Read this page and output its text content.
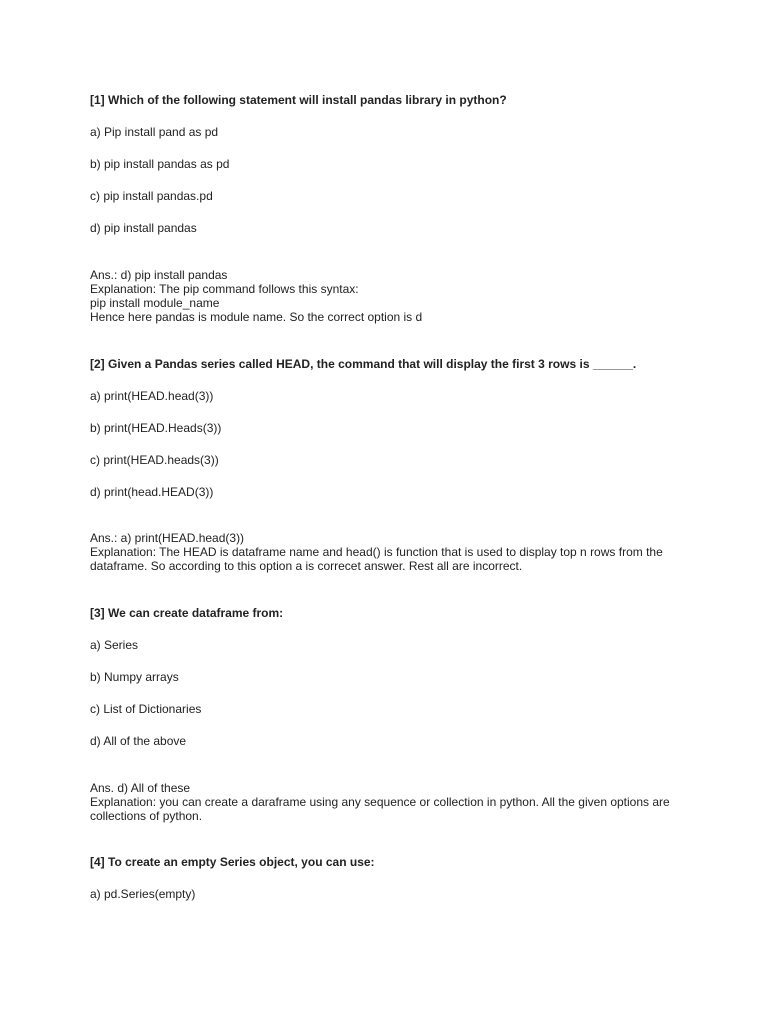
[1] Which of the following statement will install pandas library in python?
a) Pip install pand as pd
b) pip install pandas as pd
c) pip install pandas.pd
d) pip install pandas
Ans.: d) pip install pandas
Explanation: The pip command follows this syntax:
pip install module_name
Hence here pandas is module name. So the correct option is d
[2] Given a Pandas series called HEAD, the command that will display the first 3 rows is ______.
a) print(HEAD.head(3))
b) print(HEAD.Heads(3))
c) print(HEAD.heads(3))
d) print(head.HEAD(3))
Ans.: a) print(HEAD.head(3))
Explanation: The HEAD is dataframe name and head() is function that is used to display top n rows from the dataframe. So according to this option a is correcet answer. Rest all are incorrect.
[3] We can create dataframe from:
a) Series
b) Numpy arrays
c) List of Dictionaries
d) All of the above
Ans. d) All of these
Explanation: you can create a daraframe using any sequence or collection in python. All the given options are collections of python.
[4] To create an empty Series object, you can use:
a) pd.Series(empty)
